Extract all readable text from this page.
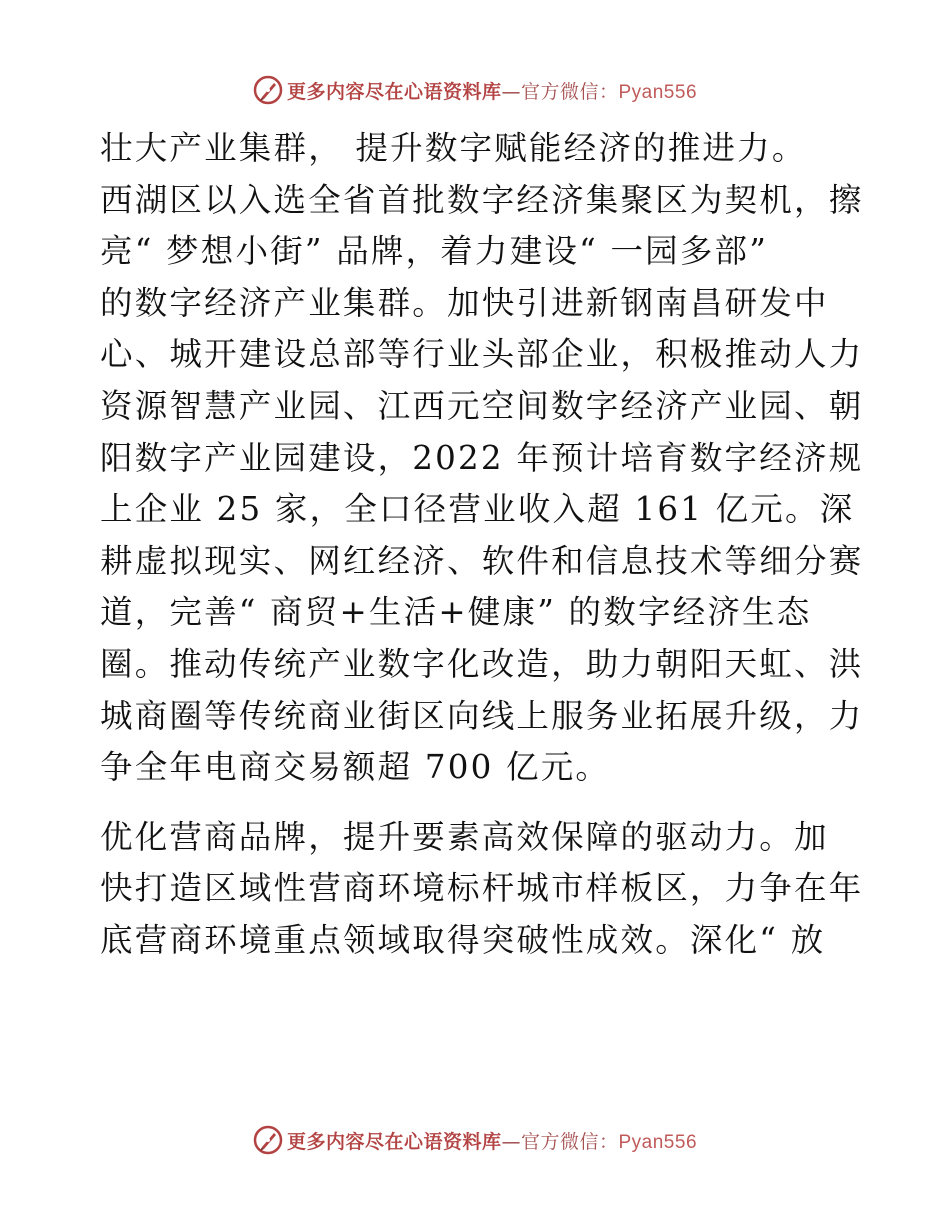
更多内容尽在心语资料库—官方微信：Pyan556

壮大产业集群， 提升数字赋能经济的推进力。
西湖区以入选全省首批数字经济集聚区为契机，擦
亮“ 梦想小街” 品牌，着力建设“ 一园多部”
的数字经济产业集群。加快引进新钢南昌研发中
心、城开建设总部等行业头部企业，积极推动人力
资源智慧产业园、江西元空间数字经济产业园、朝
阳数字产业园建设，2022 年预计培育数字经济规
上企业 25 家，全口径营业收入超 161 亿元。深
耕虚拟现实、网红经济、软件和信息技术等细分赛
道，完善“ 商贸+生活+健康” 的数字经济生态
圈。推动传统产业数字化改造，助力朝阳天虹、洪
城商圈等传统商业街区向线上服务业拓展升级，力
争全年电商交易额超 700 亿元。

优化营商品牌，提升要素高效保障的驱动力。加
快打造区域性营商环境标杆城市样板区，力争在年
底营商环境重点领域取得突破性成效。深化“ 放

更多内容尽在心语资料库—官方微信：Pyan556
